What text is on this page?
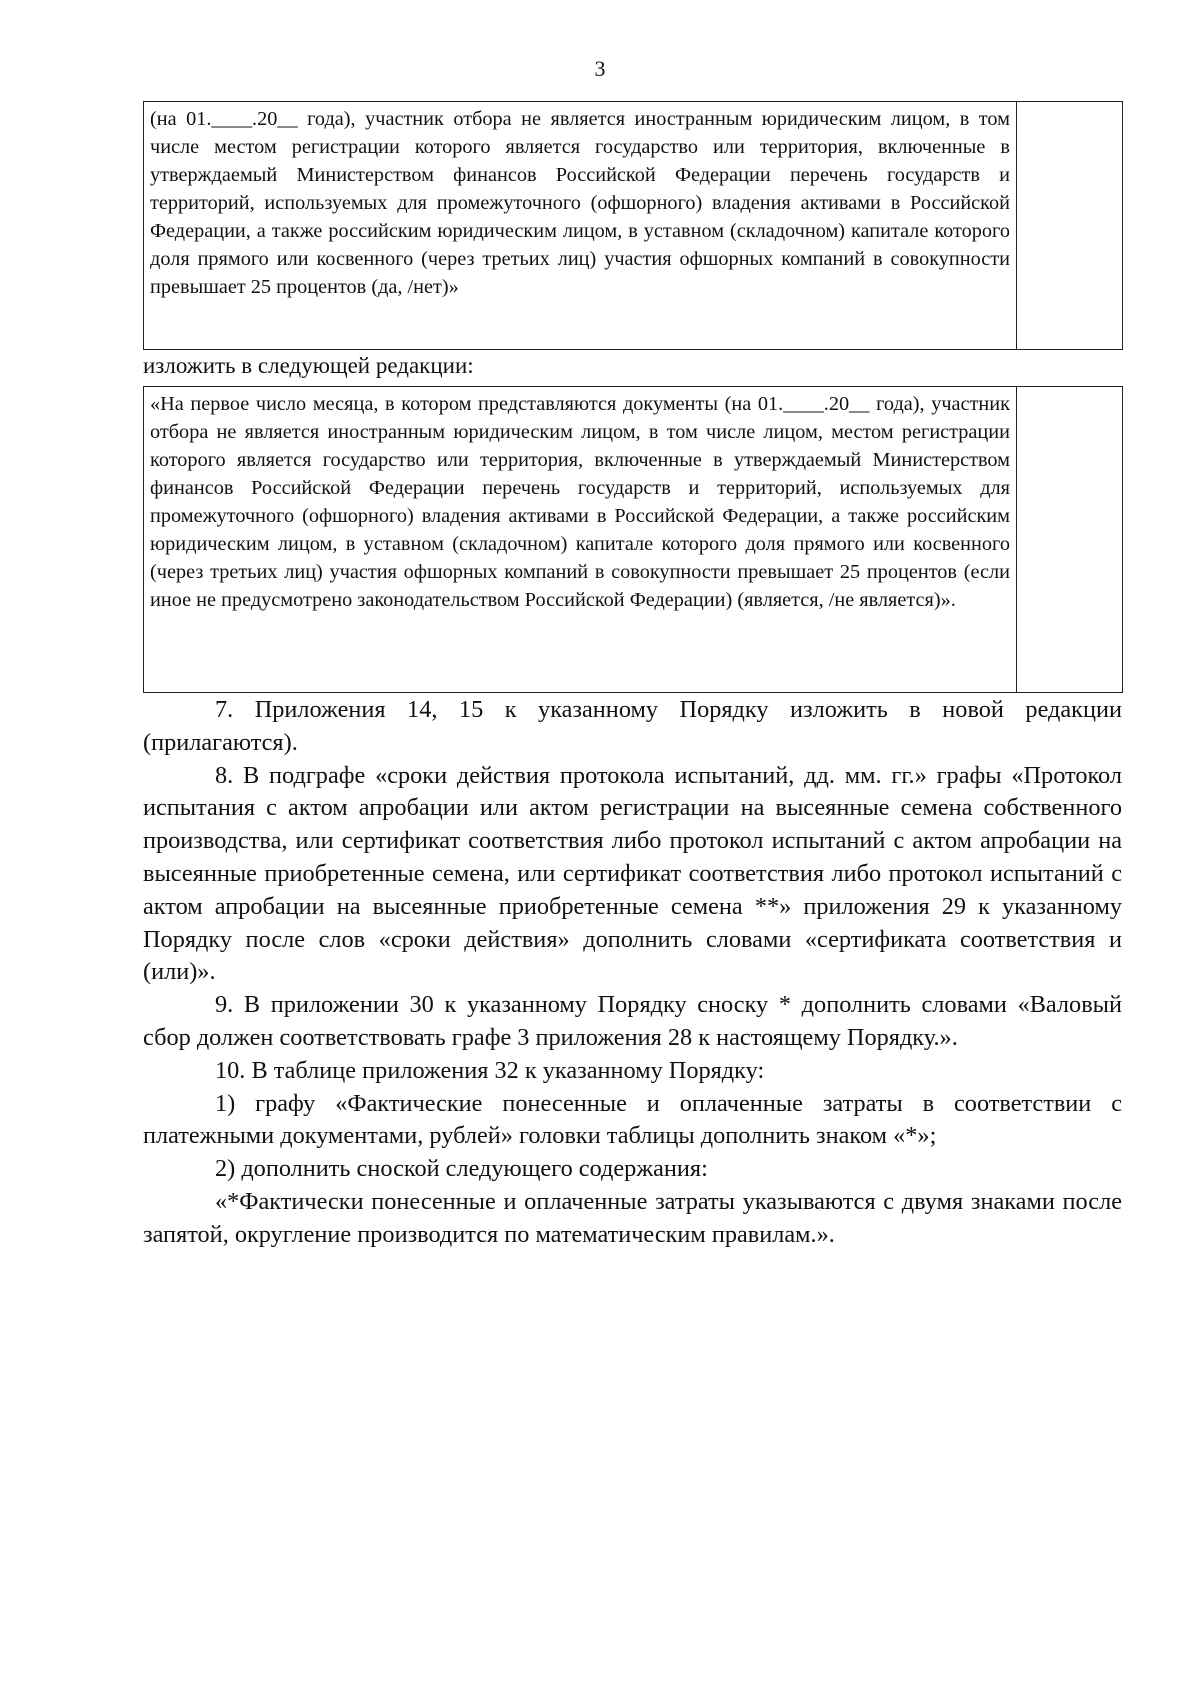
3
(на 01.____.20__ года), участник отбора не является иностранным юридическим лицом, в том числе местом регистрации которого является государство или территория, включенные в утверждаемый Министерством финансов Российской Федерации перечень государств и территорий, используемых для промежуточного (офшорного) владения активами в Российской Федерации, а также российским юридическим лицом, в уставном (складочном) капитале которого доля прямого или косвенного (через третьих лиц) участия офшорных компаний в совокупности превышает 25 процентов (да, /нет)»	
изложить в следующей редакции:
«На первое число месяца, в котором представляются документы (на 01.____.20__ года), участник отбора не является иностранным юридическим лицом, в том числе лицом, местом регистрации которого является государство или территория, включенные в утверждаемый Министерством финансов Российской Федерации перечень государств и территорий, используемых для промежуточного (офшорного) владения активами в Российской Федерации, а также российским юридическим лицом, в уставном (складочном) капитале которого доля прямого или косвенного (через третьих лиц) участия офшорных компаний в совокупности превышает 25 процентов (если иное не предусмотрено законодательством Российской Федерации) (является, /не является)».	

7. Приложения 14, 15 к указанному Порядку изложить в новой редакции (прилагаются).

8. В подграфе «сроки действия протокола испытаний, дд. мм. гг.» графы «Протокол испытания с актом апробации или актом регистрации на высеянные семена собственного производства, или сертификат соответствия либо протокол испытаний с актом апробации на высеянные приобретенные семена, или сертификат соответствия либо протокол испытаний с актом апробации на высеянные приобретенные семена **» приложения 29 к указанному Порядку после слов «сроки действия» дополнить словами «сертификата соответствия и (или)».

9. В приложении 30 к указанному Порядку сноску * дополнить словами «Валовый сбор должен соответствовать графе 3 приложения 28 к настоящему Порядку.».

10. В таблице приложения 32 к указанному Порядку:

1) графу «Фактические понесенные и оплаченные затраты в соответствии с платежными документами, рублей» головки таблицы дополнить знаком «*»;

2) дополнить сноской следующего содержания:

«*Фактически понесенные и оплаченные затраты указываются с двумя знаками после запятой, округление производится по математическим правилам.».
